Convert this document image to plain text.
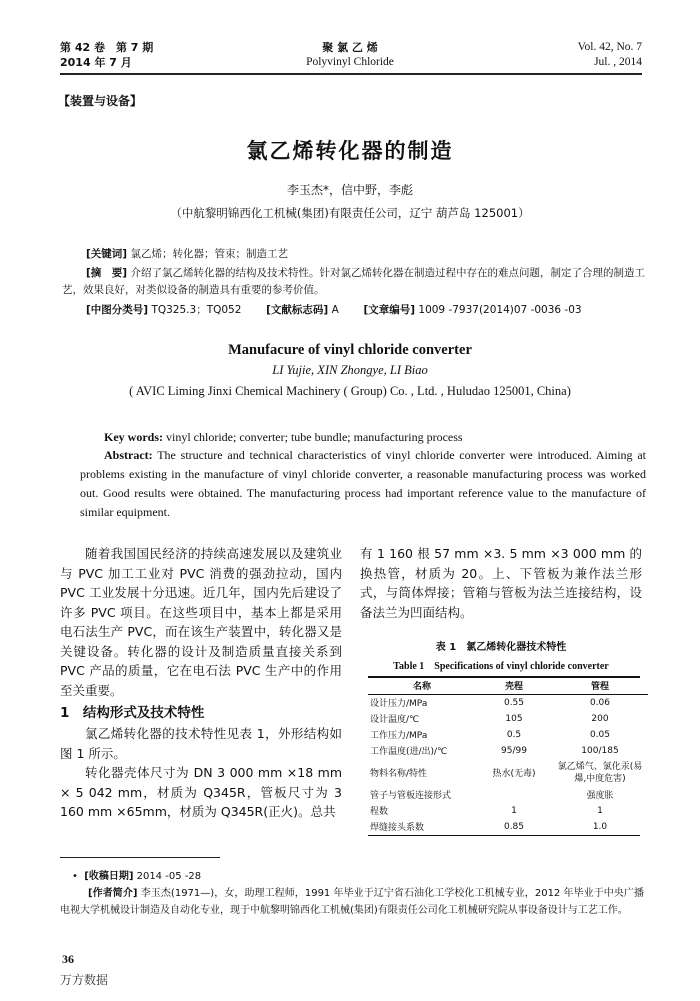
第 42 卷　第 7 期
2014 年 7 月
聚 氯 乙 烯
Polyvinyl Chloride
Vol. 42, No. 7
Jul. , 2014
【装置与设备】
氯乙烯转化器的制造
李玉杰*，信中野，李彪
（中航黎明锦西化工机械(集团)有限责任公司，辽宁 葫芦岛 125001）
[关键词] 氯乙烯；转化器；管束；制造工艺
[摘　要] 介绍了氯乙烯转化器的结构及技术特性。针对氯乙烯转化器在制造过程中存在的难点问题，制定了合理的制造工艺，效果良好，对类似设备的制造具有重要的参考价值。
[中图分类号] TQ325.3；TQ052 [文献标志码] A [文章编号] 1009 -7937(2014)07 -0036 -03
Manufacure of vinyl chloride converter
LI Yujie, XIN Zhongye, LI Biao
( AVIC Liming Jinxi Chemical Machinery ( Group) Co. , Ltd. , Huludao 125001, China)
Key words: vinyl chloride; converter; tube bundle; manufacturing process
Abstract: The structure and technical characteristics of vinyl chloride converter were introduced. Aiming at problems existing in the manufacture of vinyl chloride converter, a reasonable manufacturing process was worked out. Good results were obtained. The manufacturing process had important reference value to the manufacture of similar equipment.

随着我国国民经济的持续高速发展以及建筑业与 PVC 加工工业对 PVC 消费的强劲拉动，国内 PVC 工业发展十分迅速。近几年，国内先后建设了许多 PVC 项目。在这些项目中，基本上都是采用电石法生产 PVC，而在该生产装置中，转化器又是关键设备。转化器的设计及制造质量直接关系到 PVC 产品的质量，它在电石法 PVC 生产中的作用至关重要。

1　结构形式及技术特性

氯乙烯转化器的技术特性见表 1，外形结构如图 1 所示。

转化器壳体尺寸为 DN 3 000 mm ×18 mm × 5 042 mm，材质为 Q345R，管板尺寸为 3 160 mm ×65mm，材质为 Q345R(正火)。总共

有 1 160 根 57 mm ×3. 5 mm ×3 000 mm 的换热管，材质为 20。上、下管板为兼作法兰形式，与筒体焊接；管箱与管板为法兰连接结构，设备法兰为凹面结构。

表 1　氯乙烯转化器技术特性
Table 1　Specifications of vinyl chloride converter
名称	壳程	管程
设计压力/MPa	0.55	0.06
设计温度/℃	105	200
工作压力/MPa	0.5	0.05
工作温度(进/出)/℃	95/99	100/185
物料名称/特性	热水(无毒)	氯乙烯气、氯化汞(易爆,中度危害)
管子与管板连接形式		强度胀
程数	1	1
焊缝接头系数	0.85	1.0
•  [收稿日期] 2014 -05 -28
[作者简介] 李玉杰(1971—)，女，助理工程师，1991 年毕业于辽宁省石油化工学校化工机械专业，2012 年毕业于中央广播电视大学机械设计制造及自动化专业，现于中航黎明锦西化工机械(集团)有限责任公司化工机械研究院从事设备设计与工艺工作。
36
万方数据
